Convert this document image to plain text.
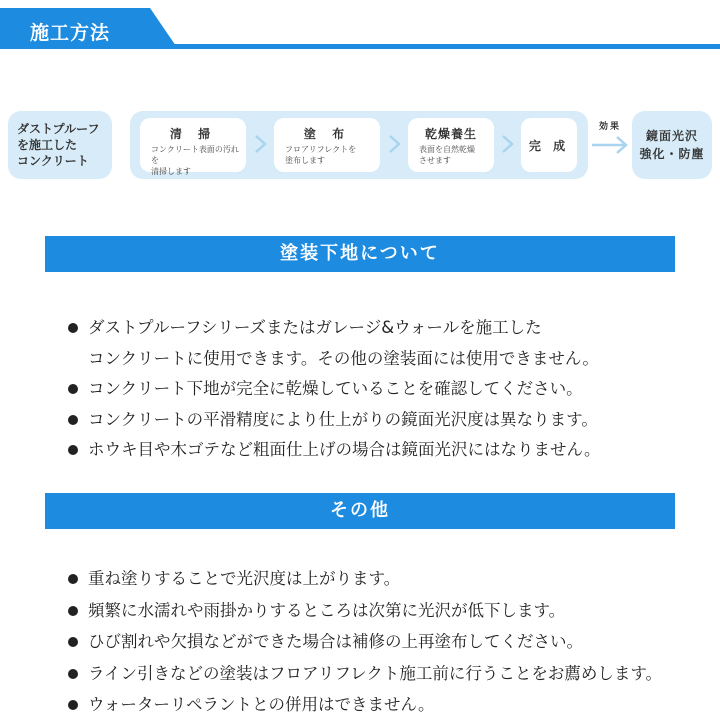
施工方法
ダストプルーフ
を施工した
コンクリート
清 掃
コンクリート表面の汚れを
清掃します
塗 布
フロアリフレクトを
塗布します
乾燥養生
表面を自然乾燥
させます
完 成
効果
鏡面光沢
強化・防塵
塗装下地について
ダストプルーフシリーズまたはガレージ&ウォールを施工した
コンクリートに使用できます。その他の塗装面には使用できません。
コンクリート下地が完全に乾燥していることを確認してください。
コンクリートの平滑精度により仕上がりの鏡面光沢度は異なります。
ホウキ目や木ゴテなど粗面仕上げの場合は鏡面光沢にはなりません。
その他
重ね塗りすることで光沢度は上がります。
頻繁に水濡れや雨掛かりするところは次第に光沢が低下します。
ひび割れや欠損などができた場合は補修の上再塗布してください。
ライン引きなどの塗装はフロアリフレクト施工前に行うことをお薦めします。
ウォーターリペラントとの併用はできません。
